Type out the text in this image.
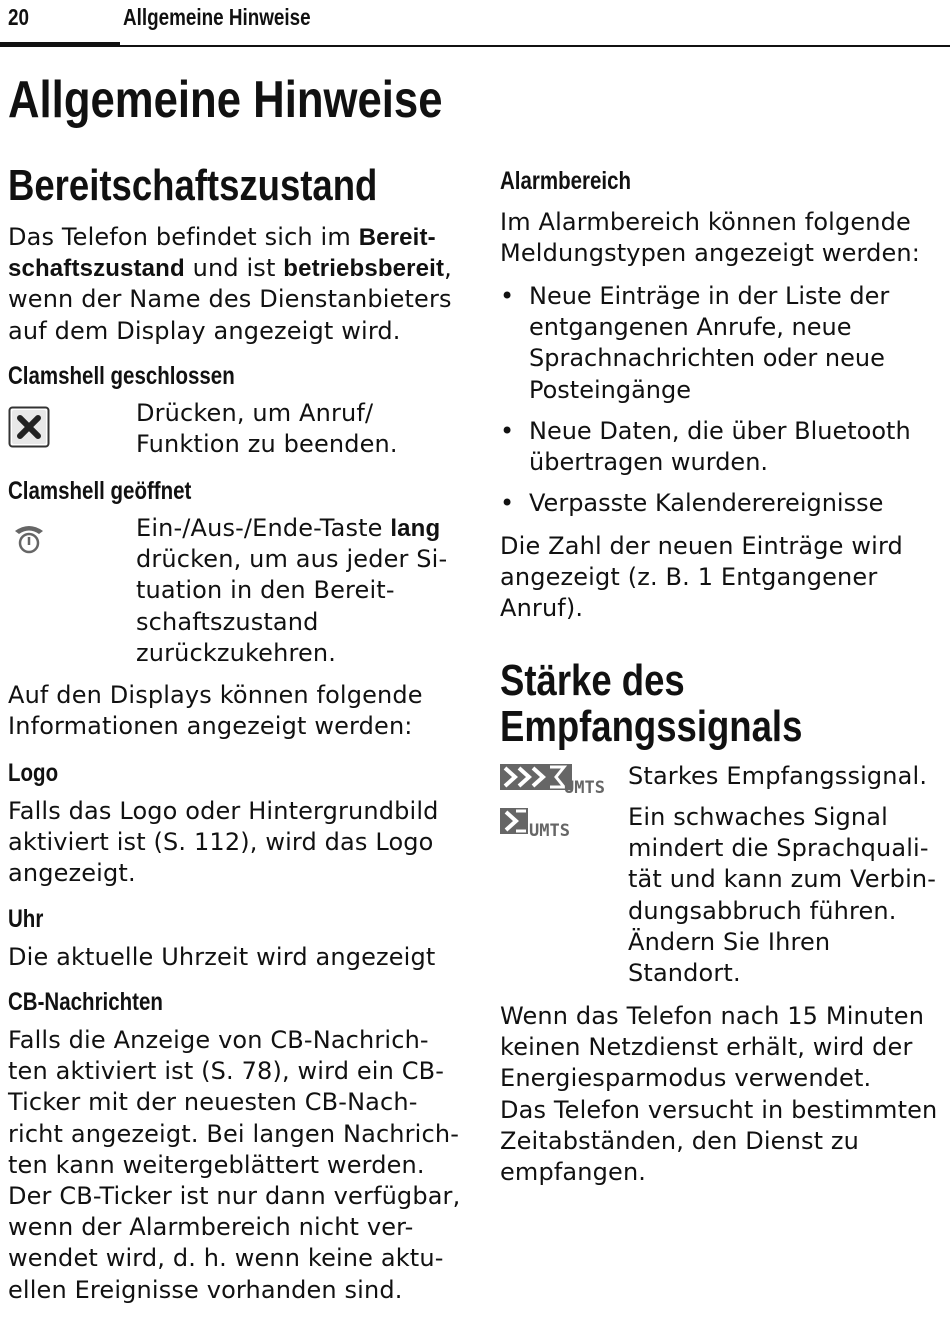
20	Allgemeine Hinweise
Allgemeine Hinweise
Bereitschaftszustand
Das Telefon befindet sich im Bereit-
schaftszustand und ist betriebsbereit,
wenn der Name des Dienstanbieters
auf dem Display angezeigt wird.
Clamshell geschlossen
Drücken, um Anruf/
Funktion zu beenden.
Clamshell geöffnet
Ein-/Aus-/Ende-Taste lang
drücken, um aus jeder Si-
tuation in den Bereit-
schaftszustand
zurückzukehren.
Auf den Displays können folgende
Informationen angezeigt werden:
Logo
Falls das Logo oder Hintergrundbild
aktiviert ist (S. 112), wird das Logo
angezeigt.
Uhr
Die aktuelle Uhrzeit wird angezeigt
CB-Nachrichten
Falls die Anzeige von CB-Nachrich-
ten aktiviert ist (S. 78), wird ein CB-
Ticker mit der neuesten CB-Nach-
richt angezeigt. Bei langen Nachrich-
ten kann weitergeblättert werden.
Der CB-Ticker ist nur dann verfügbar,
wenn der Alarmbereich nicht ver-
wendet wird, d. h. wenn keine aktu-
ellen Ereignisse vorhanden sind.
Alarmbereich
Im Alarmbereich können folgende
Meldungstypen angezeigt werden:
• Neue Einträge in der Liste der
entgangenen Anrufe, neue
Sprachnachrichten oder neue
Posteingänge
• Neue Daten, die über Bluetooth
übertragen wurden.
• Verpasste Kalenderereignisse
Die Zahl der neuen Einträge wird
angezeigt (z. B. 1 Entgangener
Anruf).
Stärke des
Empfangssignals
UMTS Starkes Empfangssignal.
UMTS Ein schwaches Signal
mindert die Sprachquali-
tät und kann zum Verbin-
dungsabbruch führen.
Ändern Sie Ihren
Standort.
Wenn das Telefon nach 15 Minuten
keinen Netzdienst erhält, wird der
Energiesparmodus verwendet.
Das Telefon versucht in bestimmten
Zeitabständen, den Dienst zu
empfangen.
